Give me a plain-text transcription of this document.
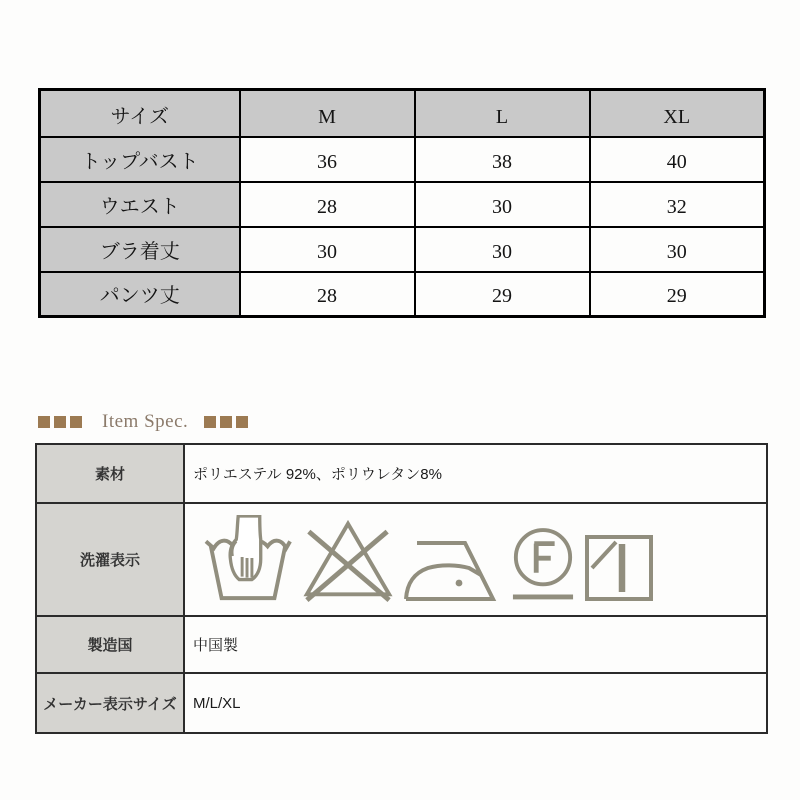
サイズ	M	L	XL
トップバスト	36	38	40
ウエスト	28	30	32
ブラ着丈	30	30	30
パンツ丈	28	29	29
Item Spec.
素材	ポリエステル 92%、ポリウレタン8%
洗濯表示	

製造国	中国製
メーカー表示サイズ	M/L/XL
